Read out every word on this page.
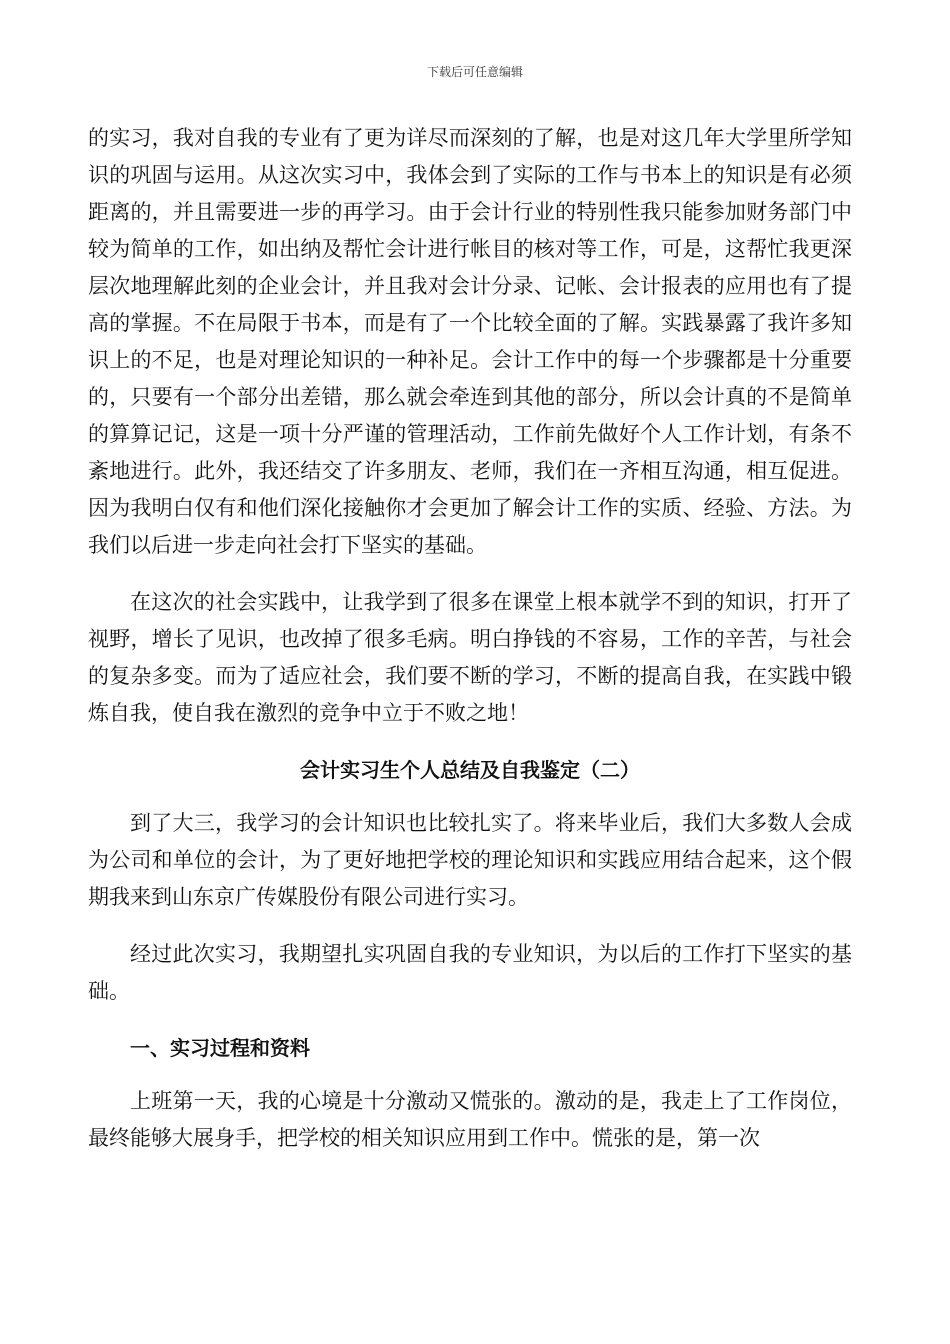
下载后可任意编辑

的实习，我对自我的专业有了更为详尽而深刻的了解，也是对这几年大学里所学知识的巩固与运用。从这次实习中，我体会到了实际的工作与书本上的知识是有必须距离的，并且需要进一步的再学习。由于会计行业的特别性我只能参加财务部门中较为简单的工作，如出纳及帮忙会计进行帐目的核对等工作，可是，这帮忙我更深层次地理解此刻的企业会计，并且我对会计分录、记帐、会计报表的应用也有了提高的掌握。不在局限于书本，而是有了一个比较全面的了解。实践暴露了我许多知识上的不足，也是对理论知识的一种补足。会计工作中的每一个步骤都是十分重要的，只要有一个部分出差错，那么就会牵连到其他的部分，所以会计真的不是简单的算算记记，这是一项十分严谨的管理活动，工作前先做好个人工作计划，有条不紊地进行。此外，我还结交了许多朋友、老师，我们在一齐相互沟通，相互促进。因为我明白仅有和他们深化接触你才会更加了解会计工作的实质、经验、方法。为我们以后进一步走向社会打下坚实的基础。

在这次的社会实践中，让我学到了很多在课堂上根本就学不到的知识，打开了视野，增长了见识，也改掉了很多毛病。明白挣钱的不容易，工作的辛苦，与社会的复杂多变。而为了适应社会，我们要不断的学习，不断的提高自我，在实践中锻炼自我，使自我在激烈的竞争中立于不败之地！

会计实习生个人总结及自我鉴定（二）

到了大三，我学习的会计知识也比较扎实了。将来毕业后，我们大多数人会成为公司和单位的会计，为了更好地把学校的理论知识和实践应用结合起来，这个假期我来到山东京广传媒股份有限公司进行实习。

经过此次实习，我期望扎实巩固自我的专业知识，为以后的工作打下坚实的基础。

一、实习过程和资料

上班第一天，我的心境是十分激动又慌张的。激动的是，我走上了工作岗位，最终能够大展身手，把学校的相关知识应用到工作中。慌张的是，第一次
